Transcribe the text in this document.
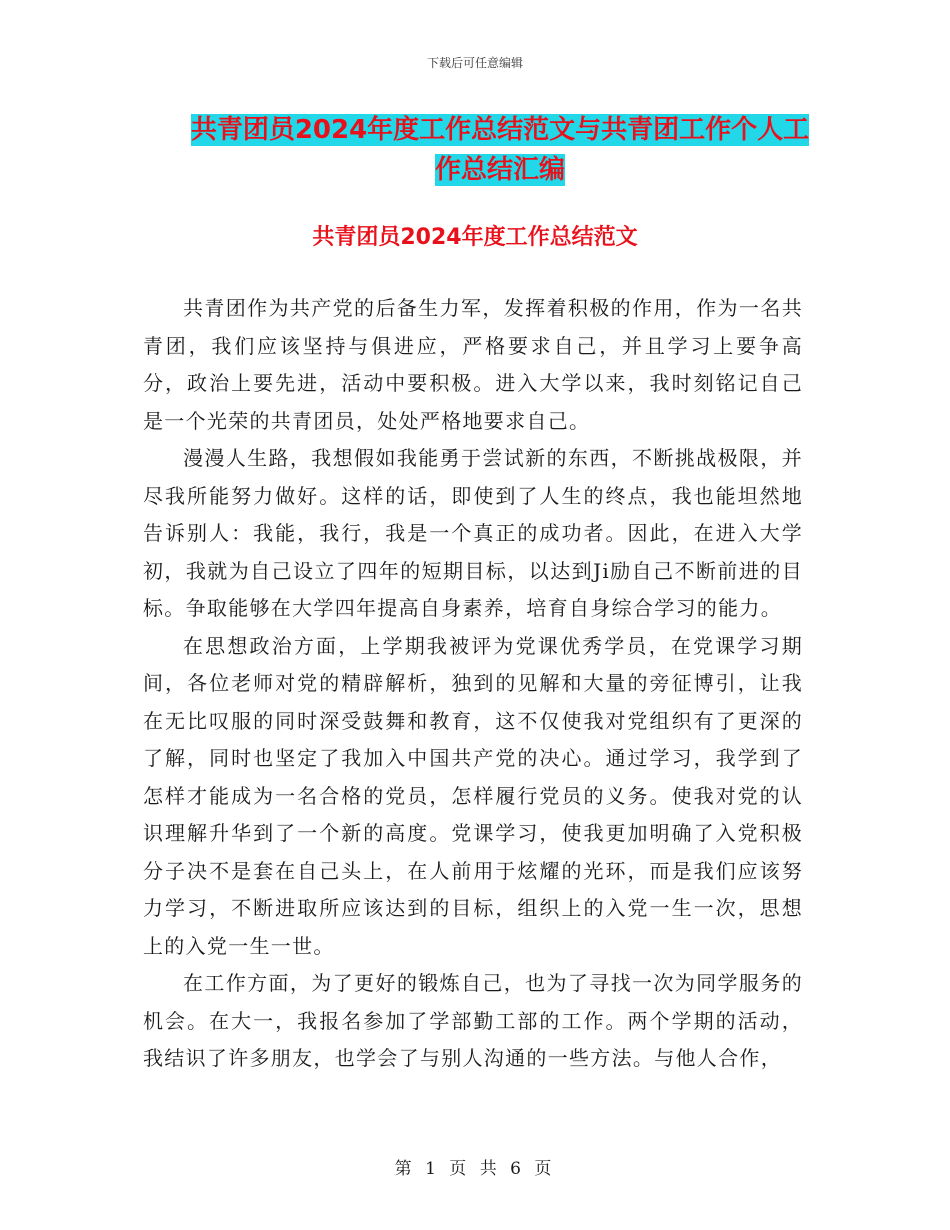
下载后可任意编辑
共青团员2024年度工作总结范文与共青团工作个人工
作总结汇编
共青团员2024年度工作总结范文

共青团作为共产党的后备生力军，发挥着积极的作用，作为一名共青团，我们应该坚持与俱进应，严格要求自己，并且学习上要争高分，政治上要先进，活动中要积极。进入大学以来，我时刻铭记自己是一个光荣的共青团员，处处严格地要求自己。

漫漫人生路，我想假如我能勇于尝试新的东西，不断挑战极限，并尽我所能努力做好。这样的话，即使到了人生的终点，我也能坦然地告诉别人：我能，我行，我是一个真正的成功者。因此，在进入大学初，我就为自己设立了四年的短期目标，以达到Ji励自己不断前进的目标。争取能够在大学四年提高自身素养，培育自身综合学习的能力。

在思想政治方面，上学期我被评为党课优秀学员，在党课学习期间，各位老师对党的精辟解析，独到的见解和大量的旁征博引，让我在无比叹服的同时深受鼓舞和教育，这不仅使我对党组织有了更深的了解，同时也坚定了我加入中国共产党的决心。通过学习，我学到了怎样才能成为一名合格的党员，怎样履行党员的义务。使我对党的认识理解升华到了一个新的高度。党课学习，使我更加明确了入党积极分子决不是套在自己头上，在人前用于炫耀的光环，而是我们应该努力学习，不断进取所应该达到的目标，组织上的入党一生一次，思想上的入党一生一世。

在工作方面，为了更好的锻炼自己，也为了寻找一次为同学服务的机会。在大一，我报名参加了学部勤工部的工作。两个学期的活动，我结识了许多朋友，也学会了与别人沟通的一些方法。与他人合作，

第 1 页 共 6 页
